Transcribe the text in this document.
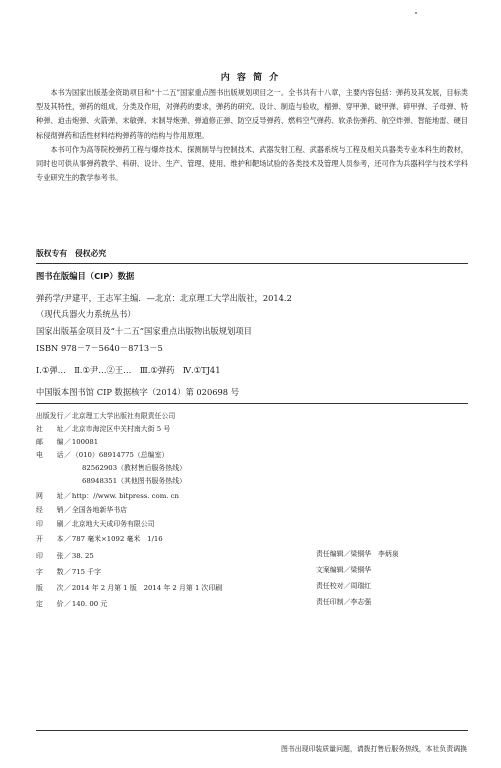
内 容 简 介

本书为国家出版基金资助项目和“十二五”国家重点图书出版规划项目之一。全书共有十八章，主要内容包括：弹药及其发展，目标类型及其特性，弹药的组成、分类及作用，对弹药的要求，弹药的研究、设计、制造与验收，榴弹、穿甲弹、破甲弹、碎甲弹、子母弹、特种弹、迫击炮弹、火箭弹、末敏弹、末制导炮弹、弹道修正弹、防空反导弹药、燃料空气弹药、软杀伤弹药、航空炸弹、智能地雷、硬目标侵彻弹药和活性材料结构弹药等的结构与作用原理。

本书可作为高等院校弹药工程与爆炸技术、探测制导与控制技术、武器发射工程、武器系统与工程及相关兵器类专业本科生的教材，同时也可供从事弹药教学、科研、设计、生产、管理、使用、维护和靶场试验的各类技术及管理人员参考，还可作为兵器科学与技术学科专业研究生的教学参考书。

版权专有　侵权必究
图书在版编目（CIP）数据
弹药学/尹建平，王志军主编．—北京：北京理工大学出版社，2014.2
（现代兵器火力系统丛书）
国家出版基金项目及“十二五”国家重点出版物出版规划项目
ISBN 978－7－5640－8713－5
Ⅰ.①弹…　Ⅱ.①尹…②王…　Ⅲ.①弹药　Ⅳ.①TJ41
中国版本图书馆 CIP 数据核字（2014）第 020698 号
出版发行／北京理工大学出版社有限责任公司
社　　址／北京市海淀区中关村南大街 5 号
邮　　编／100081
电　　话／（010）68914775（总编室）
82562903（教材售后服务热线）
68948351（其他图书服务热线）
网　　址／http：//www. bitpress. com. cn
经　　销／全国各地新华书店
印　　刷／北京地大天成印务有限公司
开　　本／787 毫米×1092 毫米　1/16
印　　张／38. 25
字　　数／715 千字
版　　次／2014 年 2 月第 1 版　2014 年 2 月第 1 次印刷
定　　价／140. 00 元
责任编辑／梁铜华　李炳泉
文案编辑／梁铜华
责任校对／周瑞红
责任印制／李志强
图书出现印装质量问题，请拨打售后服务热线，本社负责调换
